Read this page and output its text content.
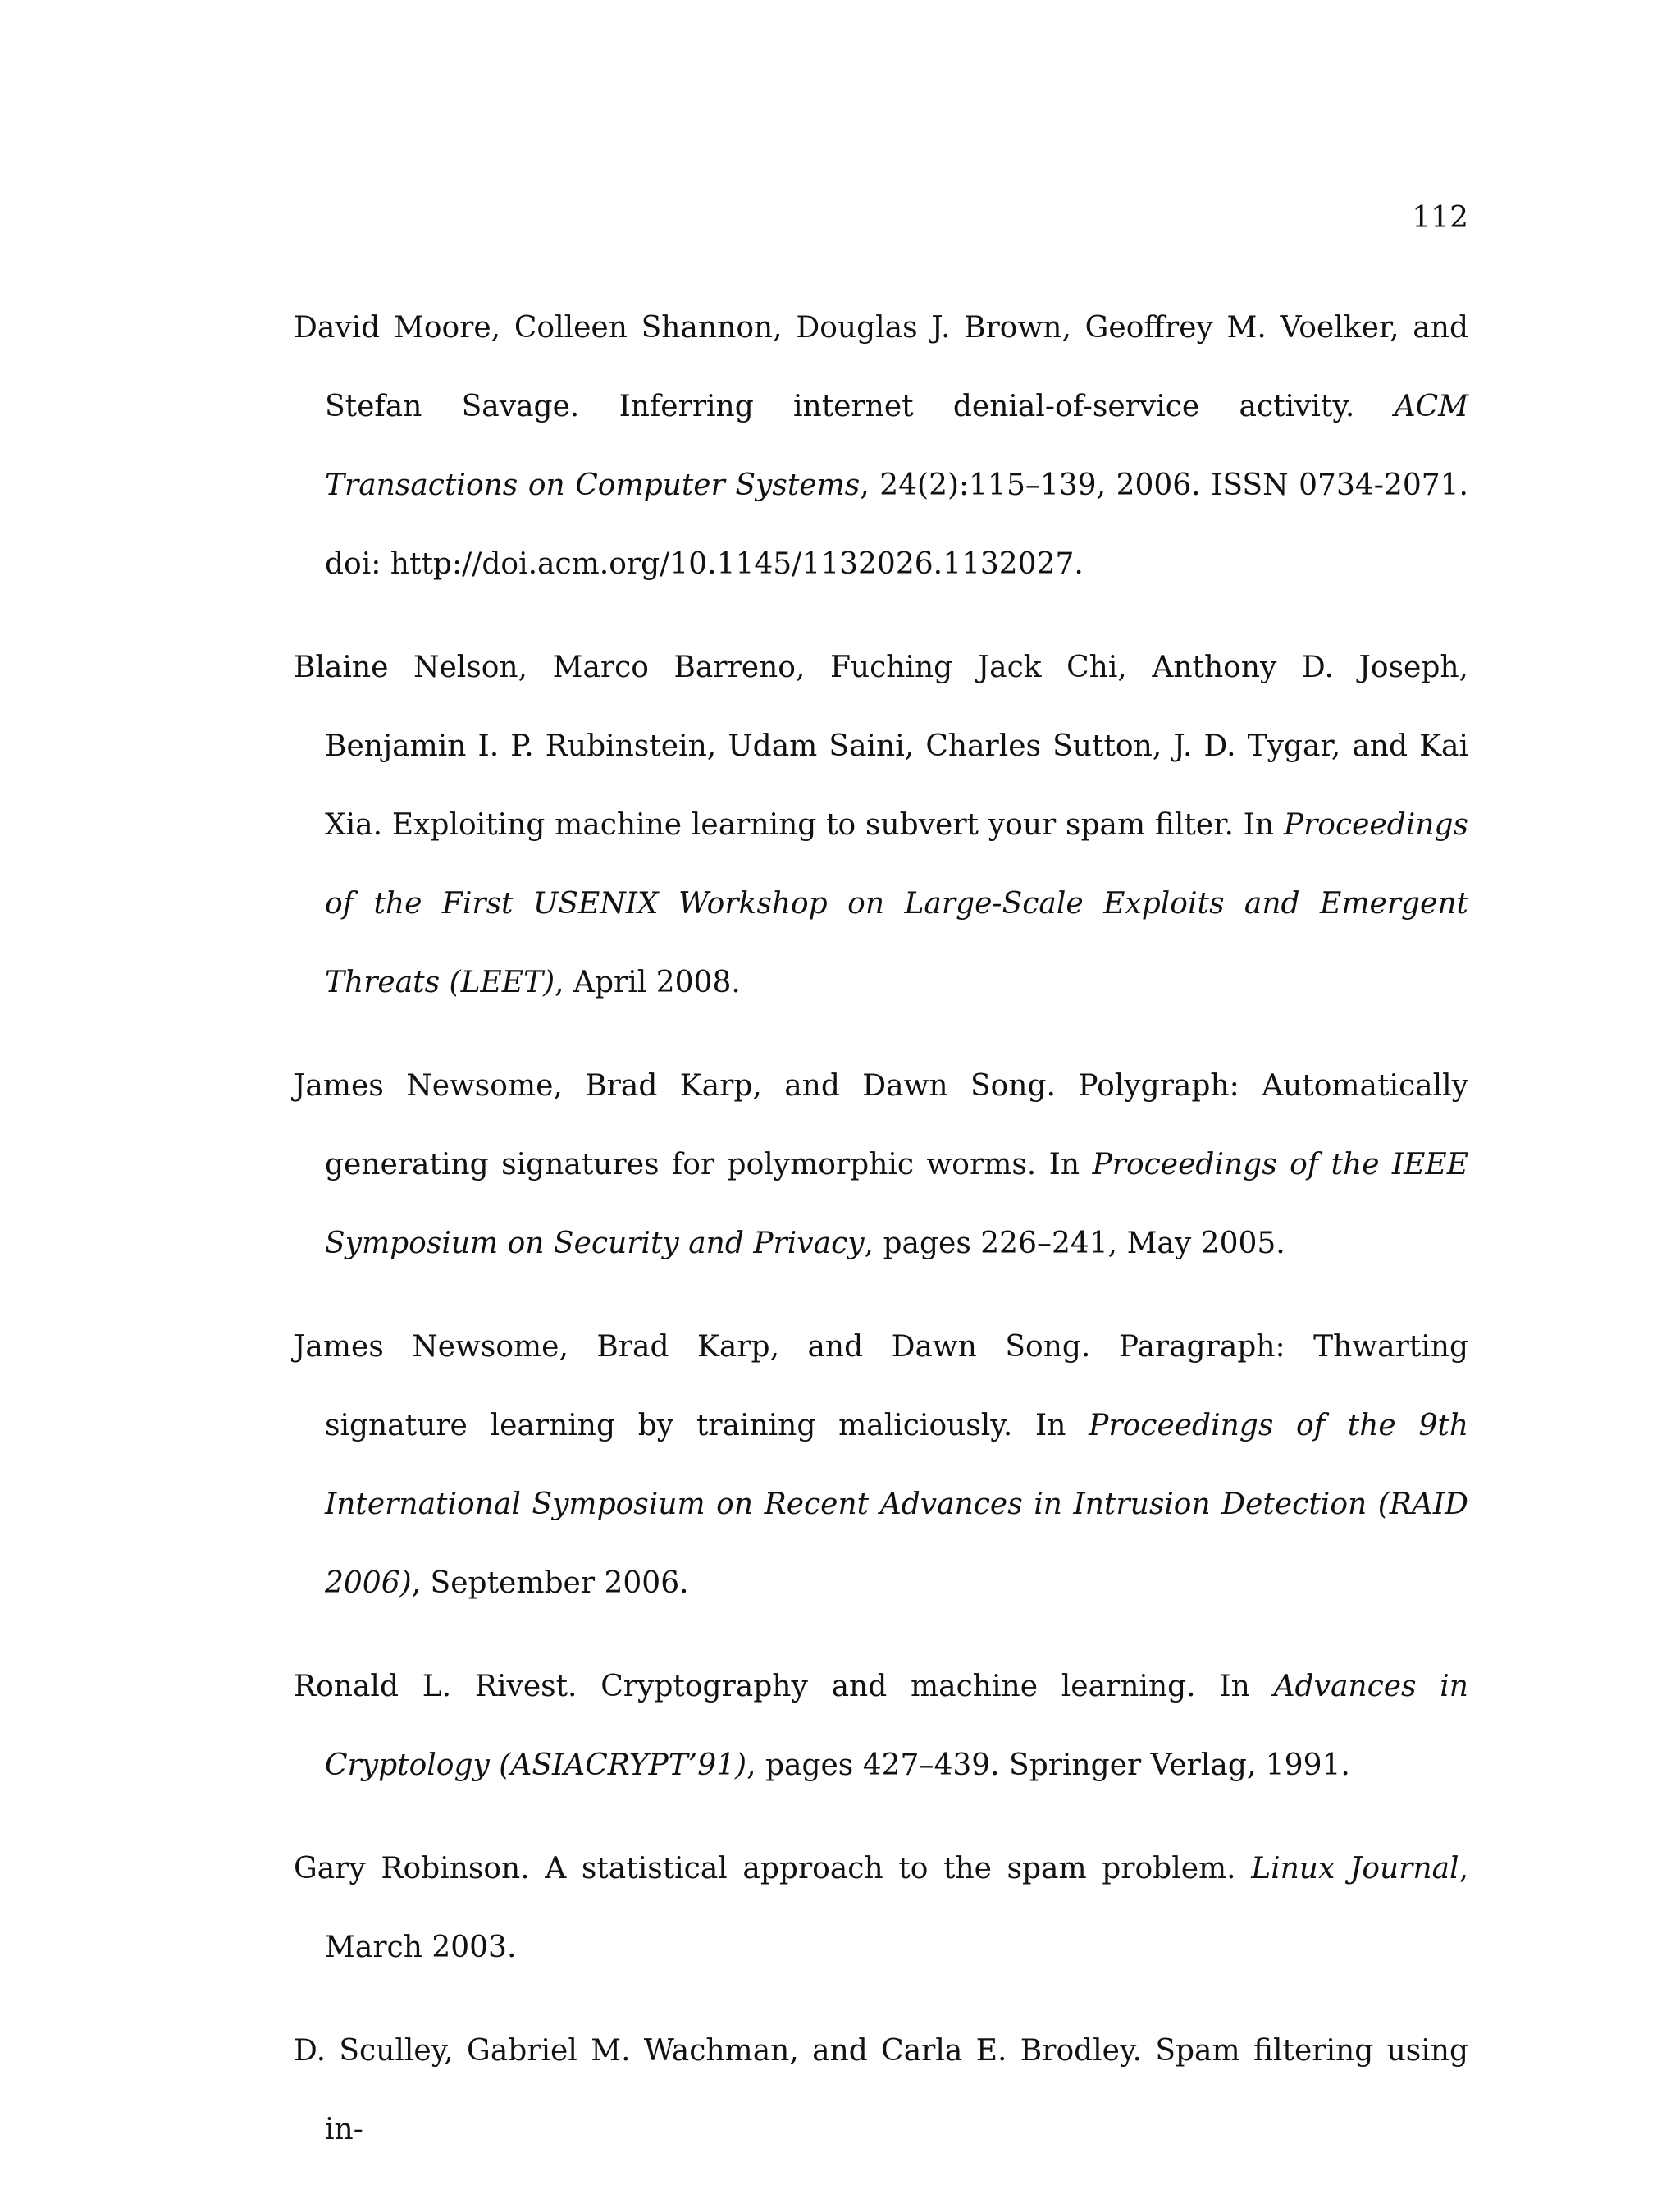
112
David Moore, Colleen Shannon, Douglas J. Brown, Geoffrey M. Voelker, and Stefan Savage. Inferring internet denial-of-service activity. ACM Transactions on Computer Systems, 24(2):115–139, 2006. ISSN 0734-2071. doi: http://doi.acm.org/10.1145/1132026.1132027.
Blaine Nelson, Marco Barreno, Fuching Jack Chi, Anthony D. Joseph, Benjamin I. P. Rubinstein, Udam Saini, Charles Sutton, J. D. Tygar, and Kai Xia. Exploiting machine learning to subvert your spam filter. In Proceedings of the First USENIX Workshop on Large-Scale Exploits and Emergent Threats (LEET), April 2008.
James Newsome, Brad Karp, and Dawn Song. Polygraph: Automatically generating signatures for polymorphic worms. In Proceedings of the IEEE Symposium on Security and Privacy, pages 226–241, May 2005.
James Newsome, Brad Karp, and Dawn Song. Paragraph: Thwarting signature learning by training maliciously. In Proceedings of the 9th International Symposium on Recent Advances in Intrusion Detection (RAID 2006), September 2006.
Ronald L. Rivest. Cryptography and machine learning. In Advances in Cryptology (ASIACRYPT’91), pages 427–439. Springer Verlag, 1991.
Gary Robinson. A statistical approach to the spam problem. Linux Journal, March 2003.
D. Sculley, Gabriel M. Wachman, and Carla E. Brodley. Spam filtering using in-
